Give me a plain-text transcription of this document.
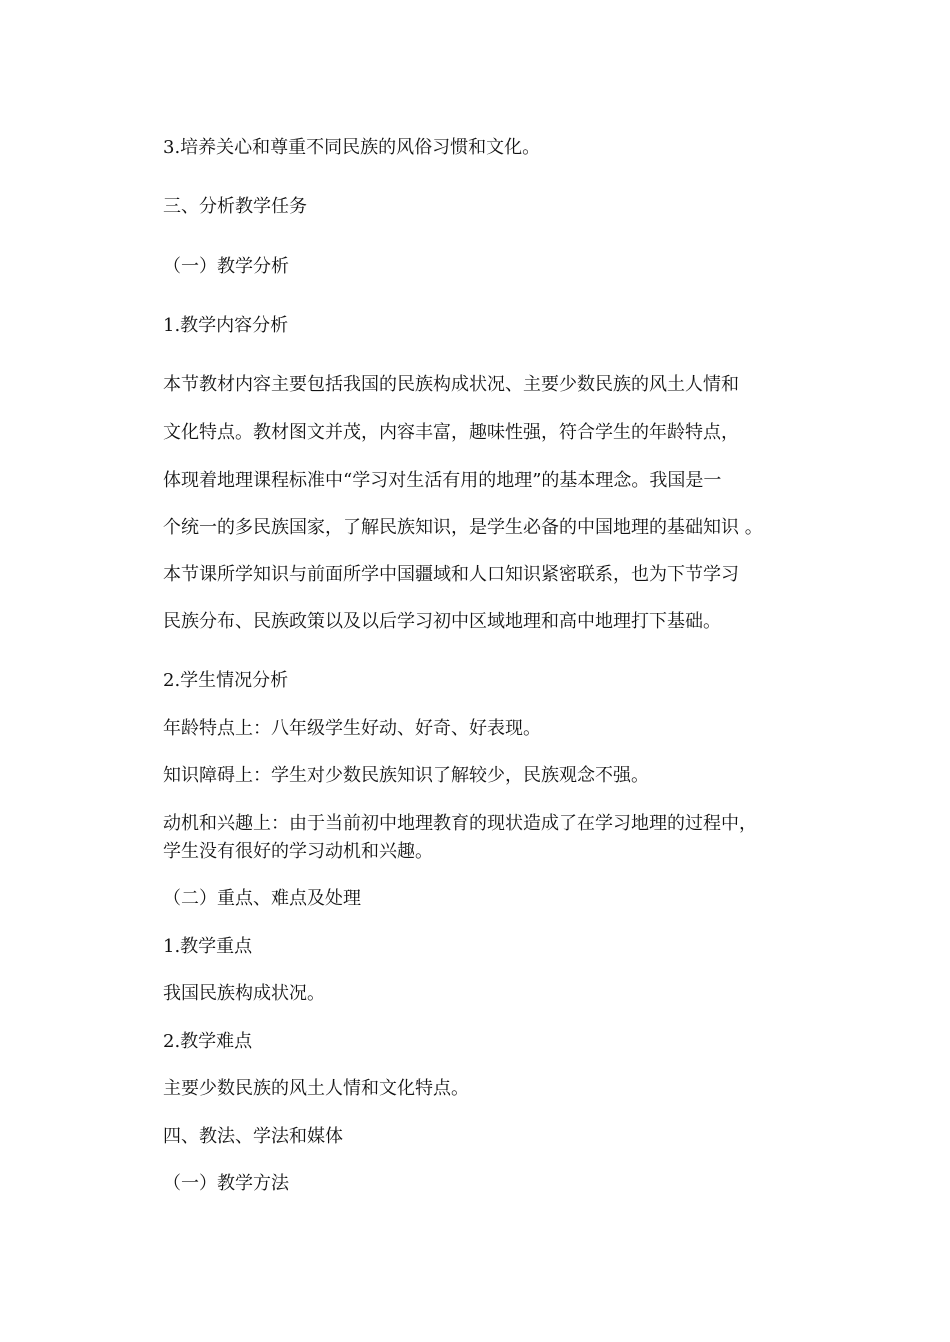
3.培养关心和尊重不同民族的风俗习惯和文化。
三、分析教学任务
（一）教学分析
1.教学内容分析
本节教材内容主要包括我国的民族构成状况、主要少数民族的风土人情和
文化特点。教材图文并茂，内容丰富，趣味性强，符合学生的年龄特点，
体现着地理课程标准中“学习对生活有用的地理”的基本理念。我国是一
个统一的多民族国家，了解民族知识，是学生必备的中国地理的基础知识 。
本节课所学知识与前面所学中国疆域和人口知识紧密联系，也为下节学习
民族分布、民族政策以及以后学习初中区域地理和高中地理打下基础。
2.学生情况分析
年龄特点上：八年级学生好动、好奇、好表现。
知识障碍上：学生对少数民族知识了解较少，民族观念不强。
动机和兴趣上：由于当前初中地理教育的现状造成了在学习地理的过程中，
学生没有很好的学习动机和兴趣。
（二）重点、难点及处理
1.教学重点
我国民族构成状况。
2.教学难点
主要少数民族的风土人情和文化特点。
四、教法、学法和媒体
（一）教学方法
